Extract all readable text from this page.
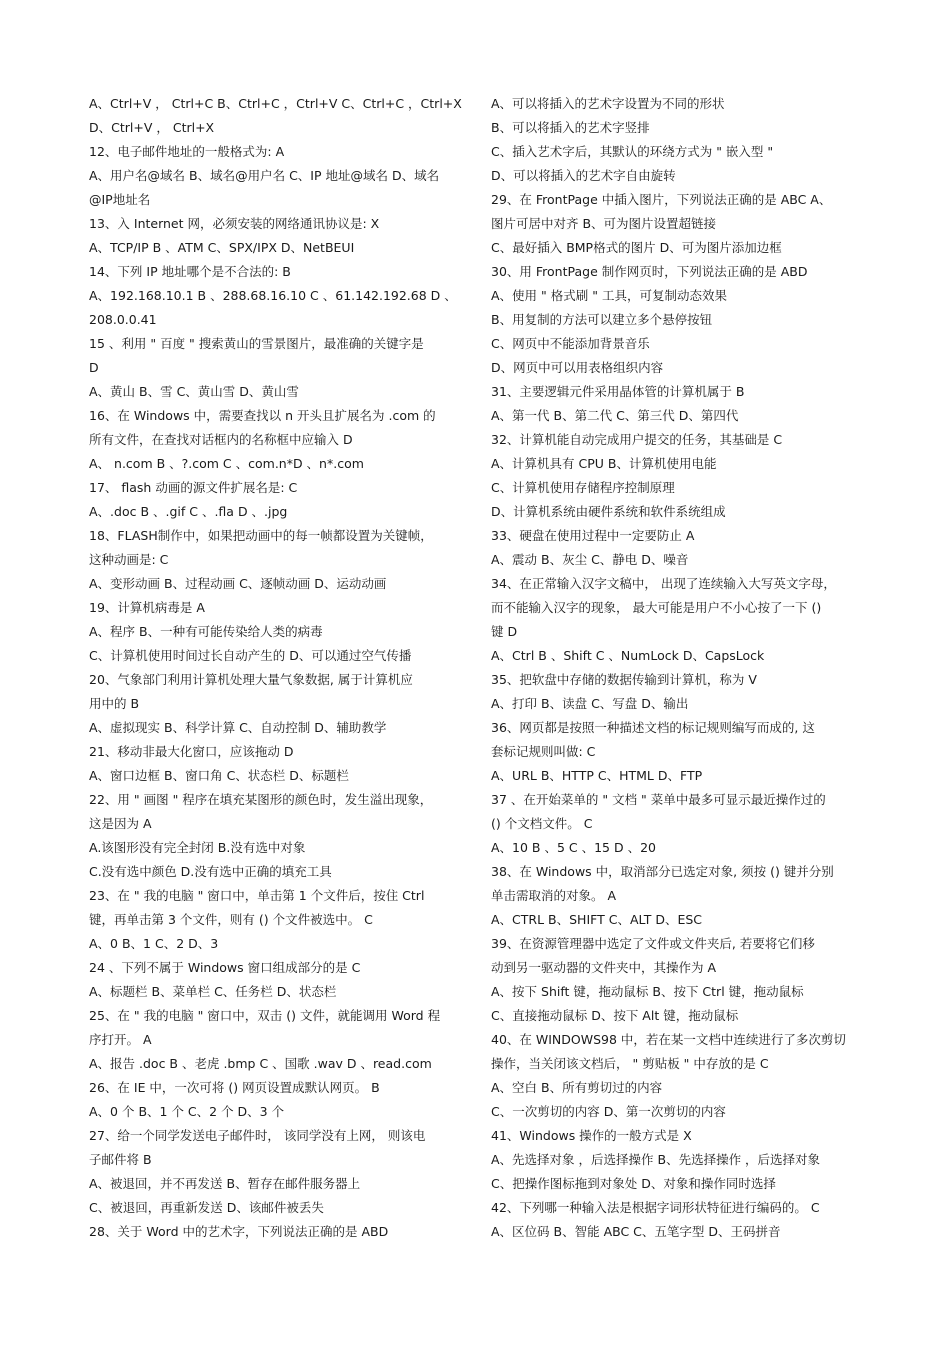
A、Ctrl+V ， Ctrl+C B、Ctrl+C ，Ctrl+V C、Ctrl+C ，Ctrl+X
D、Ctrl+V ， Ctrl+X
12、电子邮件地址的一般格式为: A
A、用户名@域名 B、域名@用户名 C、IP 地址@域名 D、域名
@IP地址名
13、入 Internet 网，必须安装的网络通讯协议是: X
A、TCP/IP B 、ATM C、SPX/IPX D、NetBEUI
14、下列 IP 地址哪个是不合法的: B
A、192.168.10.1 B 、288.68.16.10 C 、61.142.192.68 D 、
208.0.0.41
15 、利用 " 百度 " 搜索黄山的雪景图片，最准确的关键字是
D
A、黄山 B、雪 C、黄山雪 D、黄山雪
16、在 Windows 中，需要查找以 n 开头且扩展名为 .com 的
所有文件，在查找对话框内的名称框中应输入 D
A、 n.com B 、?.com C 、com.n*D 、n*.com
17、 flash 动画的源文件扩展名是: C
A、.doc B 、.gif C 、.fla D 、.jpg
18、FLASH制作中，如果把动画中的每一帧都设置为关键帧，
这种动画是: C
A、变形动画 B、过程动画 C、逐帧动画 D、运动动画
19、计算机病毒是 A
A、程序 B、一种有可能传染给人类的病毒
C、计算机使用时间过长自动产生的 D、可以通过空气传播
20、气象部门利用计算机处理大量气象数据, 属于计算机应
用中的 B
A、虚拟现实 B、科学计算 C、自动控制 D、辅助教学
21、移动非最大化窗口，应该拖动 D
A、窗口边框 B、窗口角 C、状态栏 D、标题栏
22、用 " 画图 " 程序在填充某图形的颜色时，发生溢出现象，
这是因为 A
A.该图形没有完全封闭 B.没有选中对象
C.没有选中颜色 D.没有选中正确的填充工具
23、在 " 我的电脑 " 窗口中，单击第 1 个文件后，按住 Ctrl
键，再单击第 3 个文件，则有 () 个文件被选中。 C
A、0 B、1 C、2 D、3
24 、下列不属于 Windows 窗口组成部分的是 C
A、标题栏 B、菜单栏 C、任务栏 D、状态栏
25、在 " 我的电脑 " 窗口中，双击 () 文件，就能调用 Word 程
序打开。 A
A、报告 .doc B 、老虎 .bmp C 、国歌 .wav D 、read.com
26、在 IE 中，一次可将 () 网页设置成默认网页。 B
A、0 个 B、1 个 C、2 个 D、3 个
27、给一个同学发送电子邮件时， 该同学没有上网， 则该电
子邮件将 B
A、被退回，并不再发送 B、暂存在邮件服务器上
C、被退回，再重新发送 D、该邮件被丢失
28、关于 Word 中的艺术字，下列说法正确的是 ABD
A、可以将插入的艺术字设置为不同的形状
B、可以将插入的艺术字竖排
C、插入艺术字后，其默认的环绕方式为 " 嵌入型 "
D、可以将插入的艺术字自由旋转
29、在 FrontPage 中插入图片，下列说法正确的是 ABC A、
图片可居中对齐 B、可为图片设置超链接
C、最好插入 BMP格式的图片 D、可为图片添加边框
30、用 FrontPage 制作网页时，下列说法正确的是 ABD
A、使用 " 格式刷 " 工具，可复制动态效果
B、用复制的方法可以建立多个悬停按钮
C、网页中不能添加背景音乐
D、网页中可以用表格组织内容
31、主要逻辑元件采用晶体管的计算机属于 B
A、第一代 B、第二代 C、第三代 D、第四代
32、计算机能自动完成用户提交的任务，其基础是 C
A、计算机具有 CPU B、计算机使用电能
C、计算机使用存储程序控制原理
D、计算机系统由硬件系统和软件系统组成
33、硬盘在使用过程中一定要防止 A
A、震动 B、灰尘 C、静电 D、噪音
34、在正常输入汉字文稿中， 出现了连续输入大写英文字母，
而不能输入汉字的现象， 最大可能是用户不小心按了一下 ()
键 D
A、Ctrl B 、Shift C 、NumLock D、CapsLock
35、把软盘中存储的数据传输到计算机，称为 V
A、打印 B、读盘 C、写盘 D、输出
36、网页都是按照一种描述文档的标记规则编写而成的, 这
套标记规则叫做: C
A、URL B、HTTP C、HTML D、FTP
37 、在开始菜单的 " 文档 " 菜单中最多可显示最近操作过的
() 个文档文件。 C
A、10 B 、5 C 、15 D 、20
38、在 Windows 中，取消部分已选定对象, 须按 () 键并分别
单击需取消的对象。 A
A、CTRL B、SHIFT C、ALT D、ESC
39、在资源管理器中选定了文件或文件夹后, 若要将它们移
动到另一驱动器的文件夹中，其操作为 A
A、按下 Shift 键，拖动鼠标 B、按下 Ctrl 键，拖动鼠标
C、直接拖动鼠标 D、按下 Alt 键，拖动鼠标
40、在 WINDOWS98 中，若在某一文档中连续进行了多次剪切
操作，当关闭该文档后， " 剪贴板 " 中存放的是 C
A、空白 B、所有剪切过的内容
C、一次剪切的内容 D、第一次剪切的内容
41、Windows 操作的一般方式是 X
A、先选择对象 ，后选择操作 B、先选择操作 ，后选择对象
C、把操作图标拖到对象处 D、对象和操作同时选择
42、下列哪一种输入法是根据字词形状特征进行编码的。 C
A、区位码 B、智能 ABC C、五笔字型 D、王码拼音
